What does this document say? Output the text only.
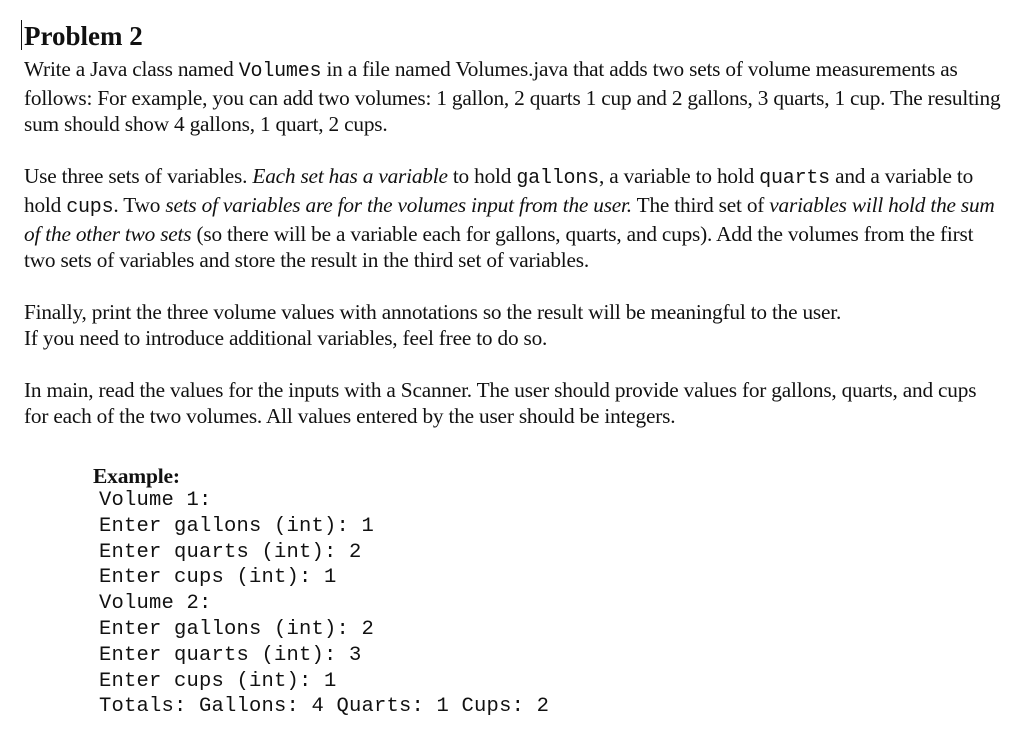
Problem 2

Write a Java class named Volumes in a file named Volumes.java that adds two sets of volume measurements as follows: For example, you can add two volumes: 1 gallon, 2 quarts 1 cup and 2 gallons, 3 quarts, 1 cup. The resulting sum should show 4 gallons, 1 quart, 2 cups.

Use three sets of variables. Each set has a variable to hold gallons, a variable to hold quarts and a variable to hold cups. Two sets of variables are for the volumes input from the user. The third set of variables will hold the sum of the other two sets (so there will be a variable each for gallons, quarts, and cups). Add the volumes from the first two sets of variables and store the result in the third set of variables.

Finally, print the three volume values with annotations so the result will be meaningful to the user.
If you need to introduce additional variables, feel free to do so.

In main, read the values for the inputs with a Scanner. The user should provide values for gallons, quarts, and cups for each of the two volumes. All values entered by the user should be integers.

Example:
Volume 1:
Enter gallons (int): 1
Enter quarts (int): 2
Enter cups (int): 1
Volume 2:
Enter gallons (int): 2
Enter quarts (int): 3
Enter cups (int): 1
Totals: Gallons: 4 Quarts: 1 Cups: 2
